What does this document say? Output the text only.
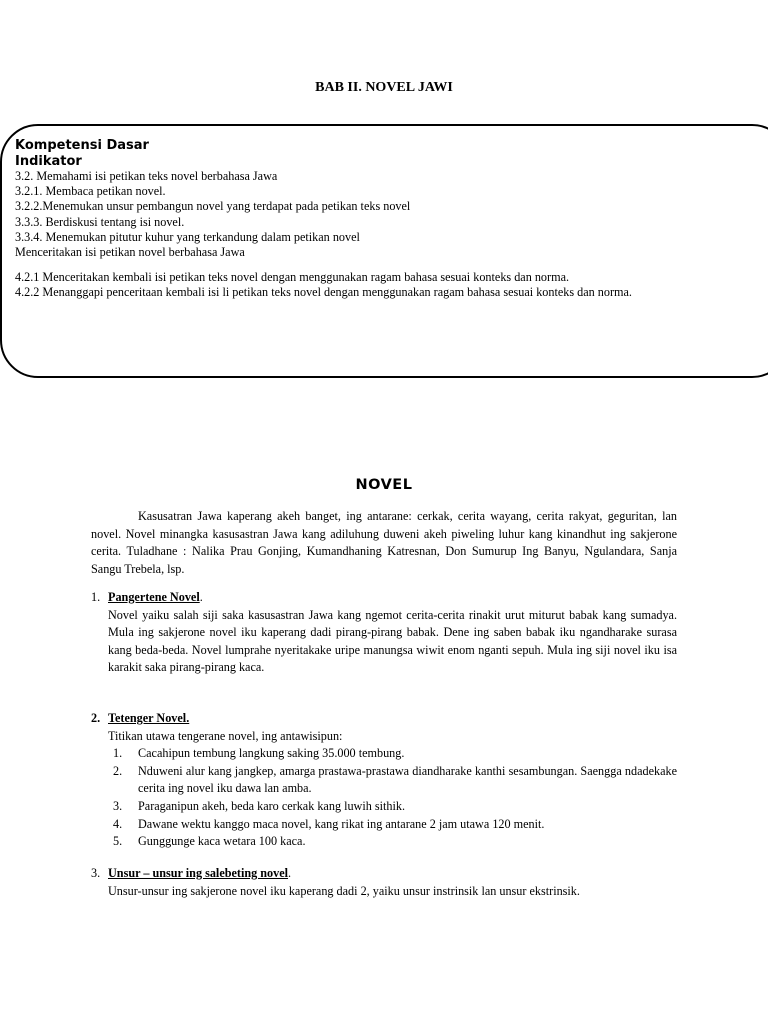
BAB II. NOVEL JAWI
Kompetensi Dasar
Indikator
3.2. Memahami isi petikan teks novel berbahasa Jawa
3.2.1. Membaca petikan novel.
3.2.2.Menemukan unsur pembangun novel yang terdapat pada petikan teks novel
3.3.3. Berdiskusi tentang isi novel.
3.3.4. Menemukan pitutur kuhur yang terkandung dalam petikan novel
Menceritakan isi petikan novel berbahasa Jawa
4.2.1 Menceritakan kembali isi petikan teks novel dengan menggunakan ragam bahasa sesuai konteks dan norma.
4.2.2 Menanggapi penceritaan kembali isi li petikan teks novel dengan menggunakan ragam bahasa sesuai konteks dan norma.
NOVEL
Kasusatran Jawa kaperang akeh banget, ing antarane: cerkak, cerita wayang, cerita rakyat, geguritan, lan novel. Novel minangka kasusastran Jawa kang adiluhung duweni akeh piweling luhur kang kinandhut ing sakjerone cerita. Tuladhane : Nalika Prau Gonjing, Kumandhaning Katresnan, Don Sumurup Ing Banyu, Ngulandara, Sanja Sangu Trebela, lsp.
1. Pangertene Novel.
Novel yaiku salah siji saka kasusastran Jawa kang ngemot cerita-cerita rinakit urut miturut babak kang sumadya. Mula ing sakjerone novel iku kaperang dadi pirang-pirang babak. Dene ing saben babak iku ngandharake surasa kang beda-beda. Novel lumprahe nyeritakake uripe manungsa wiwit enom nganti sepuh. Mula ing siji novel iku isa karakit saka pirang-pirang kaca.
2. Tetenger Novel.
Titikan utawa tengerane novel, ing antawisipun:
1. Cacahipun tembung langkung saking 35.000 tembung.
2. Nduweni alur kang jangkep, amarga prastawa-prastawa diandharake kanthi sesambungan. Saengga ndadekake cerita ing novel iku dawa lan amba.
3. Paraganipun akeh, beda karo cerkak kang luwih sithik.
4. Dawane wektu kanggo maca novel, kang rikat ing antarane 2 jam utawa 120 menit.
5. Gunggunge kaca wetara 100 kaca.
3. Unsur – unsur ing salebeting novel.
Unsur-unsur ing sakjerone novel iku kaperang dadi 2, yaiku unsur instrinsik lan unsur ekstrinsik.
